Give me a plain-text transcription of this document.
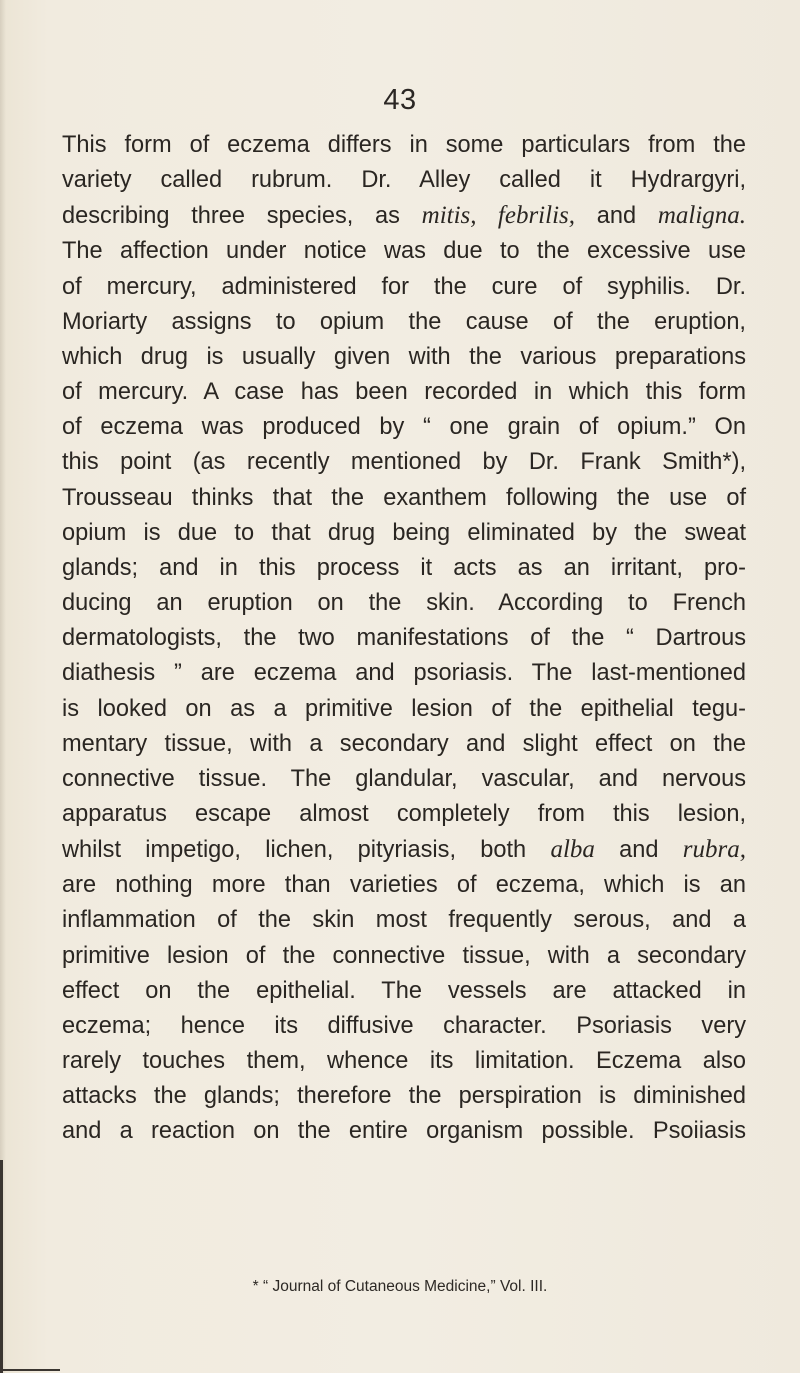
43
This form of eczema differs in some particulars from the
variety called rubrum. Dr. Alley called it Hydrargyri,
describing three species, as mitis, febrilis, and maligna.
The affection under notice was due to the excessive use
of mercury, administered for the cure of syphilis. Dr.
Moriarty assigns to opium the cause of the eruption,
which drug is usually given with the various preparations
of mercury. A case has been recorded in which this form
of eczema was produced by “ one grain of opium.” On
this point (as recently mentioned by Dr. Frank Smith*),
Trousseau thinks that the exanthem following the use of
opium is due to that drug being eliminated by the sweat
glands; and in this process it acts as an irritant, pro-
ducing an eruption on the skin. According to French
dermatologists, the two manifestations of the “ Dartrous
diathesis ” are eczema and psoriasis. The last-mentioned
is looked on as a primitive lesion of the epithelial tegu-
mentary tissue, with a secondary and slight effect on the
connective tissue. The glandular, vascular, and nervous
apparatus escape almost completely from this lesion,
whilst impetigo, lichen, pityriasis, both alba and rubra,
are nothing more than varieties of eczema, which is an
inflammation of the skin most frequently serous, and a
primitive lesion of the connective tissue, with a secondary
effect on the epithelial. The vessels are attacked in
eczema; hence its diffusive character. Psoriasis very
rarely touches them, whence its limitation. Eczema also
attacks the glands; therefore the perspiration is diminished
and a reaction on the entire organism possible. Psoiiasis
* “ Journal of Cutaneous Medicine,” Vol. III.
